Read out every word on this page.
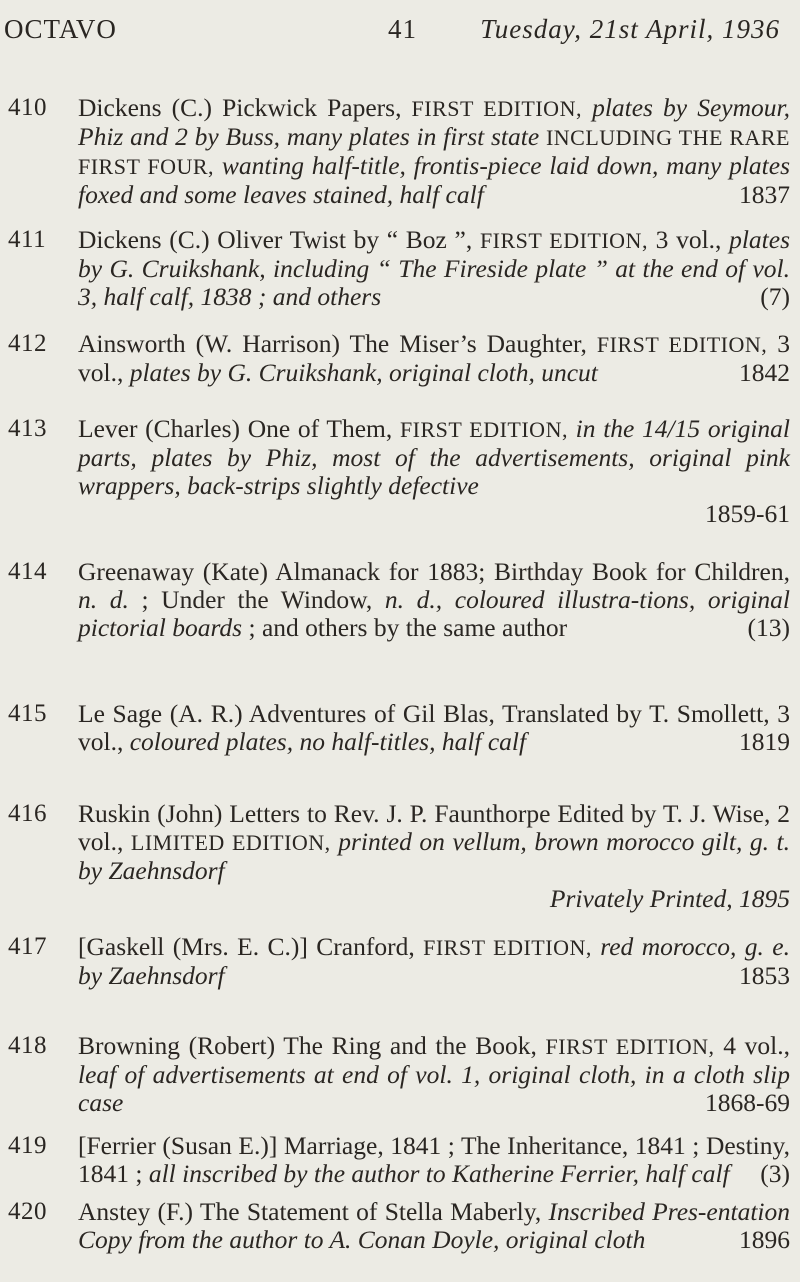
OCTAVO	41 Tuesday, 21st April, 1936
410 Dickens (C.) Pickwick Papers, FIRST EDITION, plates by Seymour, Phiz and 2 by Buss, many plates in first state INCLUDING THE RARE FIRST FOUR, wanting half-title, frontis-piece laid down, many plates foxed and some leaves stained, half calf	1837
411 Dickens (C.) Oliver Twist by “ Boz ”, FIRST EDITION, 3 vol., plates by G. Cruikshank, including “ The Fireside plate ” at the end of vol. 3, half calf, 1838 ; and others	(7)
412 Ainsworth (W. Harrison) The Miser’s Daughter, FIRST EDITION, 3 vol., plates by G. Cruikshank, original cloth, uncut	1842
413 Lever (Charles) One of Them, FIRST EDITION, in the 14/15 original parts, plates by Phiz, most of the advertisements, original pink wrappers, back-strips slightly defective
1859-61
414 Greenaway (Kate) Almanack for 1883; Birthday Book for Children, n. d. ; Under the Window, n. d., coloured illustra-tions, original pictorial boards ; and others by the same author	(13)
415 Le Sage (A. R.) Adventures of Gil Blas, Translated by T. Smollett, 3 vol., coloured plates, no half-titles, half calf	1819
416 Ruskin (John) Letters to Rev. J. P. Faunthorpe Edited by T. J. Wise, 2 vol., LIMITED EDITION, printed on vellum, brown morocco gilt, g. t. by Zaehnsdorf
Privately Printed, 1895
417 [Gaskell (Mrs. E. C.)] Cranford, FIRST EDITION, red morocco, g. e. by Zaehnsdorf	1853
418 Browning (Robert) The Ring and the Book, FIRST EDITION, 4 vol., leaf of advertisements at end of vol. 1, original cloth, in a cloth slip case	1868-69
419 [Ferrier (Susan E.)] Marriage, 1841 ; The Inheritance, 1841 ; Destiny, 1841 ; all inscribed by the author to Katherine Ferrier, half calf	(3)
420 Anstey (F.) The Statement of Stella Maberly, Inscribed Pres-entation Copy from the author to A. Conan Doyle, original cloth	1896
